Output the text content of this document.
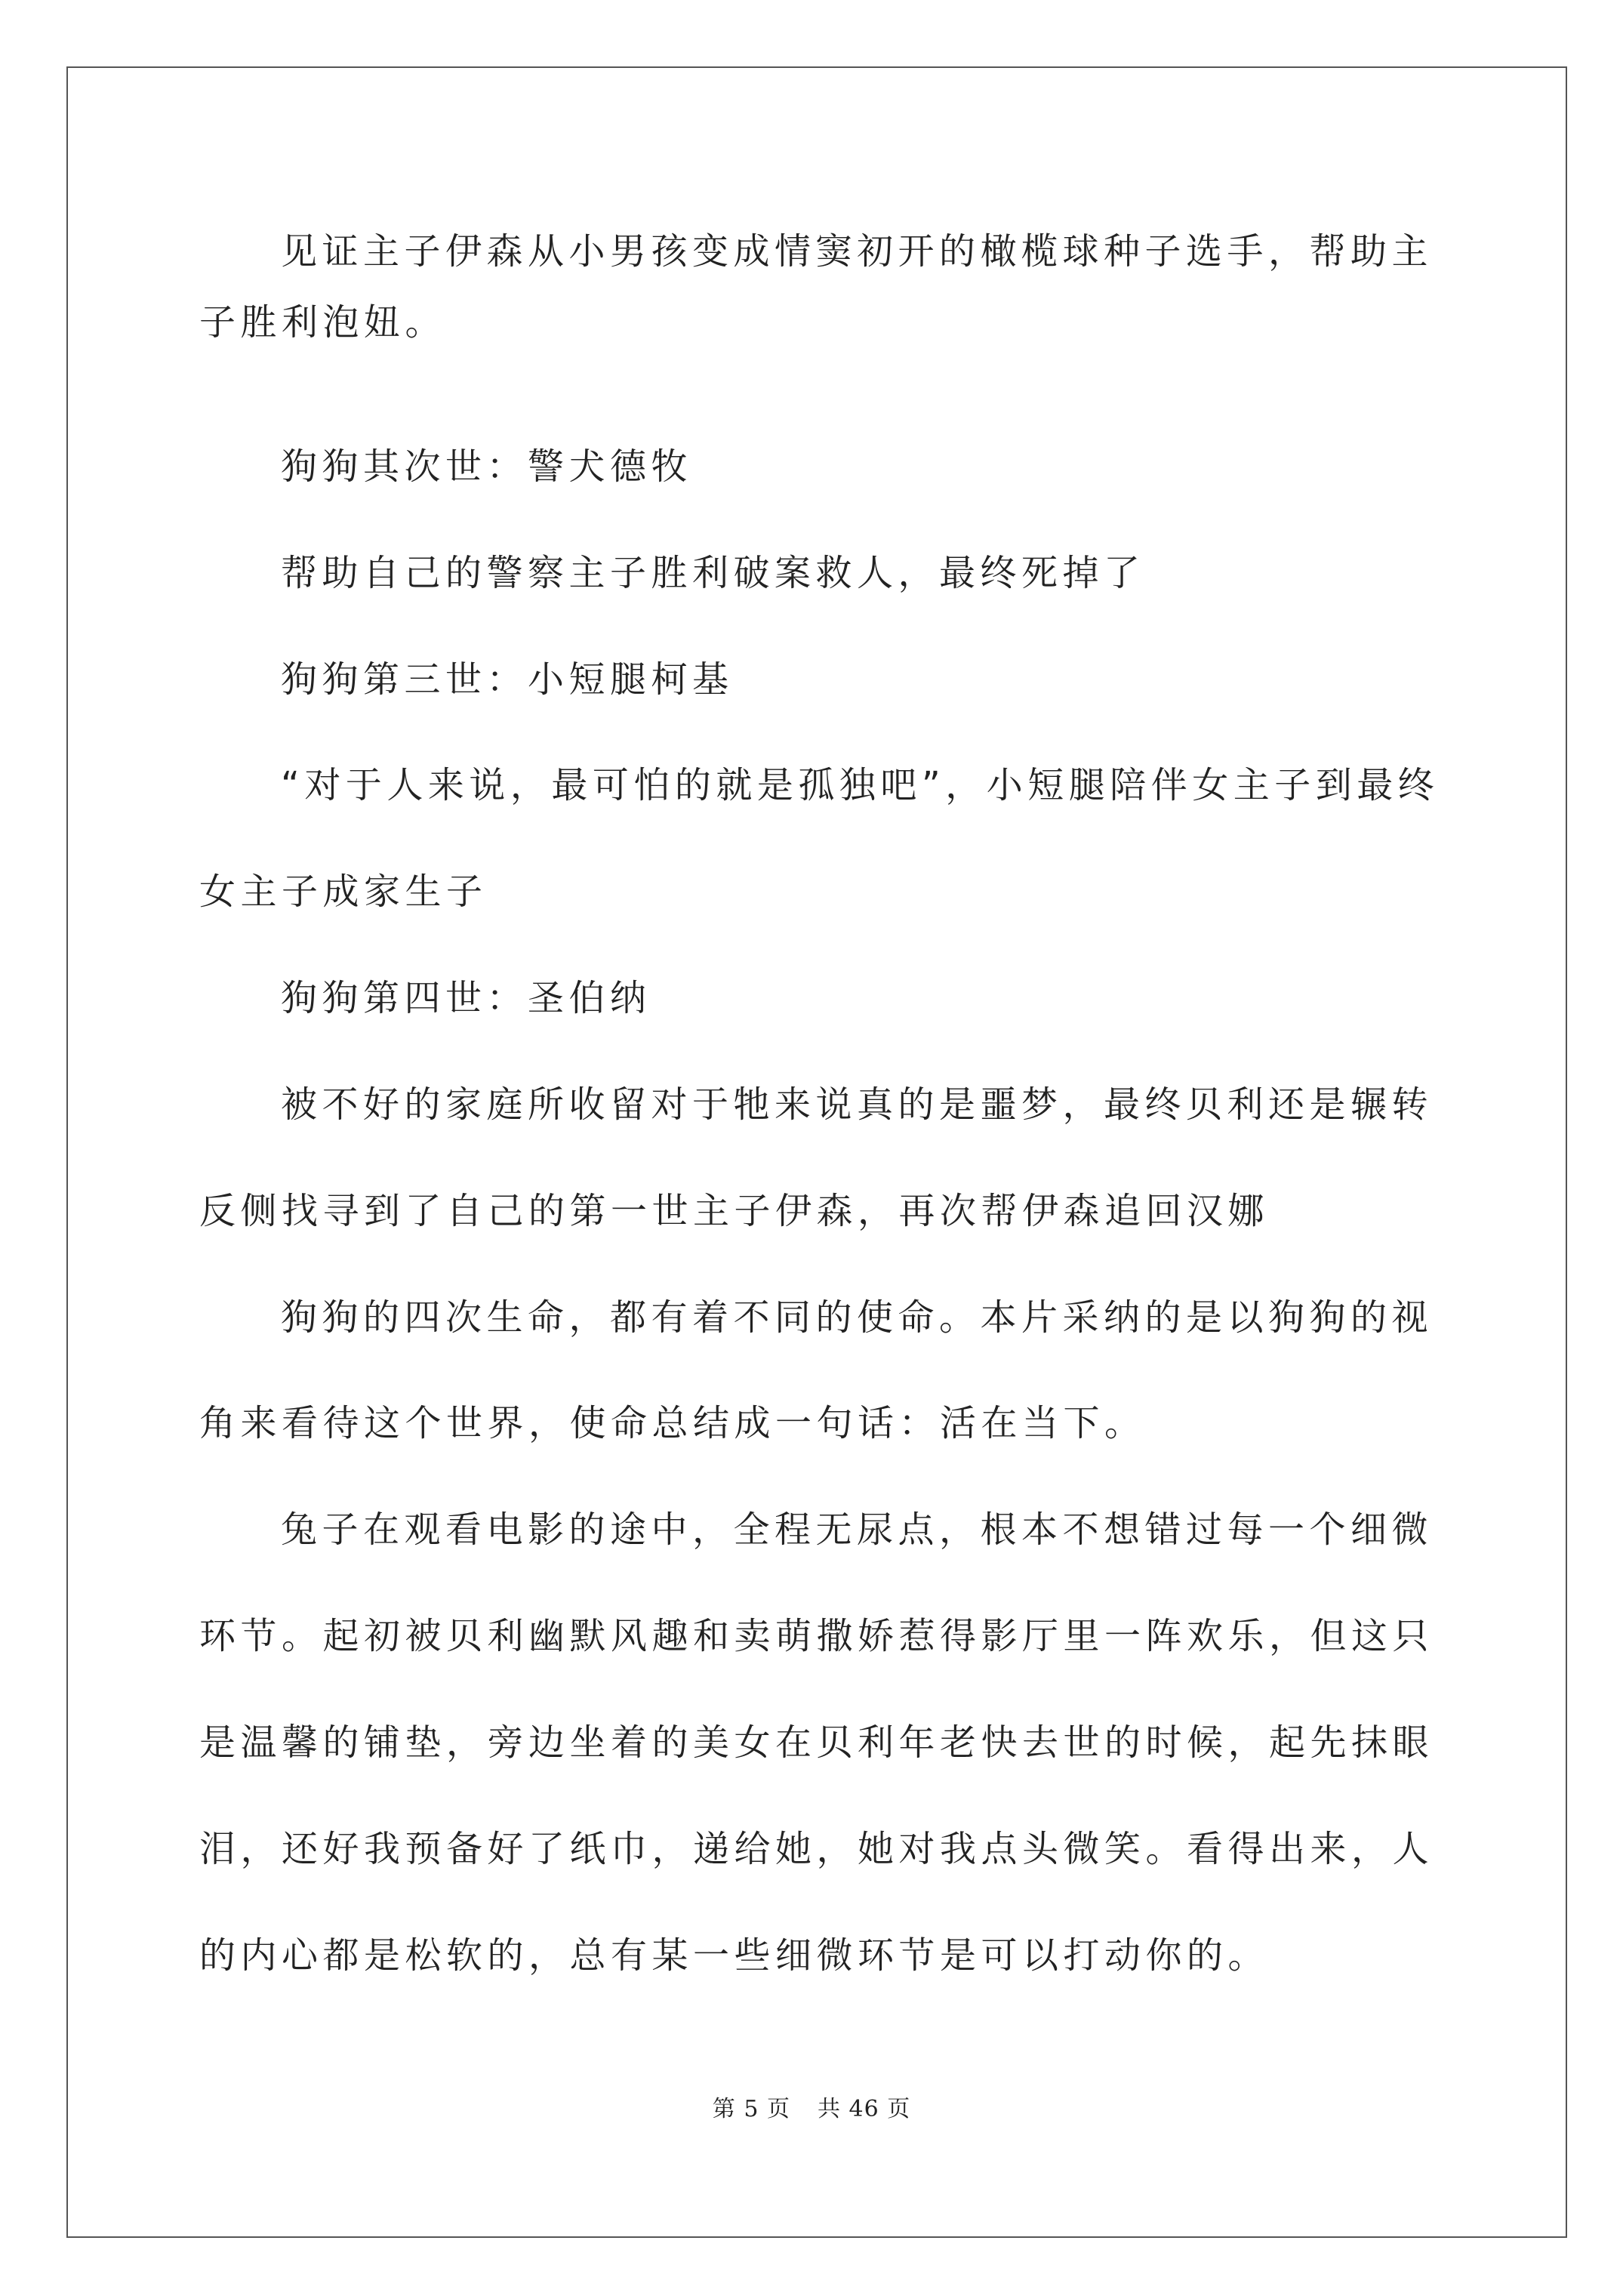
见证主子伊森从小男孩变成情窦初开的橄榄球种子选手，帮助主

子胜利泡妞。

狗狗其次世：警犬德牧

帮助自己的警察主子胜利破案救人，最终死掉了

狗狗第三世：小短腿柯基

“对于人来说，最可怕的就是孤独吧”，小短腿陪伴女主子到最终

女主子成家生子

狗狗第四世：圣伯纳

被不好的家庭所收留对于牠来说真的是噩梦，最终贝利还是辗转

反侧找寻到了自己的第一世主子伊森，再次帮伊森追回汉娜

狗狗的四次生命，都有着不同的使命。本片采纳的是以狗狗的视

角来看待这个世界，使命总结成一句话：活在当下。

兔子在观看电影的途中，全程无尿点，根本不想错过每一个细微

环节。起初被贝利幽默风趣和卖萌撒娇惹得影厅里一阵欢乐，但这只

是温馨的铺垫，旁边坐着的美女在贝利年老快去世的时候，起先抹眼

泪，还好我预备好了纸巾，递给她，她对我点头微笑。看得出来，人

的内心都是松软的，总有某一些细微环节是可以打动你的。

第 5 页 共 46 页
